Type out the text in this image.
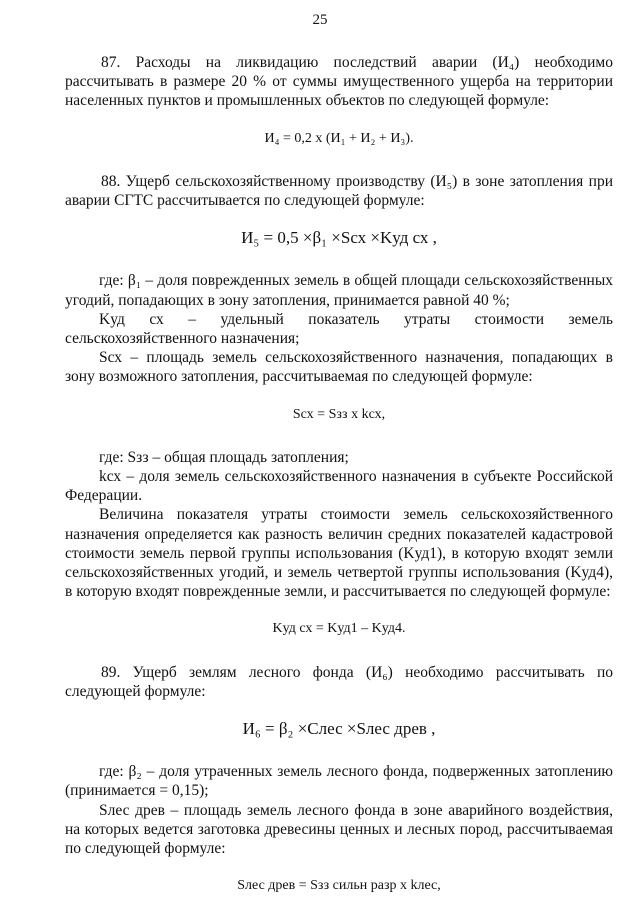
25

87. Расходы на ликвидацию последствий аварии (И₄) необходимо рассчитывать в размере 20 % от суммы имущественного ущерба на территории населенных пунктов и промышленных объектов по следующей формуле:

И₄ = 0,2 x (И₁ + И₂ + И₃).

88. Ущерб сельскохозяйственному производству (И₅) в зоне затопления при аварии СГТС рассчитывается по следующей формуле:

И₅ = 0,5 ×β₁ ×Sсх ×Kуд сх ,

где: β₁ – доля поврежденных земель в общей площади сельскохозяйственных угодий, попадающих в зону затопления, принимается равной 40 %;

Kуд сх – удельный показатель утраты стоимости земель сельскохозяйственного назначения;

Sсх – площадь земель сельскохозяйственного назначения, попадающих в зону возможного затопления, рассчитываемая по следующей формуле:

Sсх = Sзз x kсх,

где: Sзз – общая площадь затопления;

kсх – доля земель сельскохозяйственного назначения в субъекте Российской Федерации.

Величина показателя утраты стоимости земель сельскохозяйственного назначения определяется как разность величин средних показателей кадастровой стоимости земель первой группы использования (Kуд1), в которую входят земли сельскохозяйственных угодий, и земель четвертой группы использования (Kуд4), в которую входят поврежденные земли, и рассчитывается по следующей формуле:

Kуд сх = Kуд1 – Kуд4.

89. Ущерб землям лесного фонда (И₆) необходимо рассчитывать по следующей формуле:

И₆ = β₂ ×Cлес ×Sлес древ ,

где: β₂ – доля утраченных земель лесного фонда, подверженных затоплению (принимается = 0,15);

Sлес древ – площадь земель лесного фонда в зоне аварийного воздействия, на которых ведется заготовка древесины ценных и лесных пород, рассчитываемая по следующей формуле:

Sлес древ = Sзз сильн разр x kлес,
